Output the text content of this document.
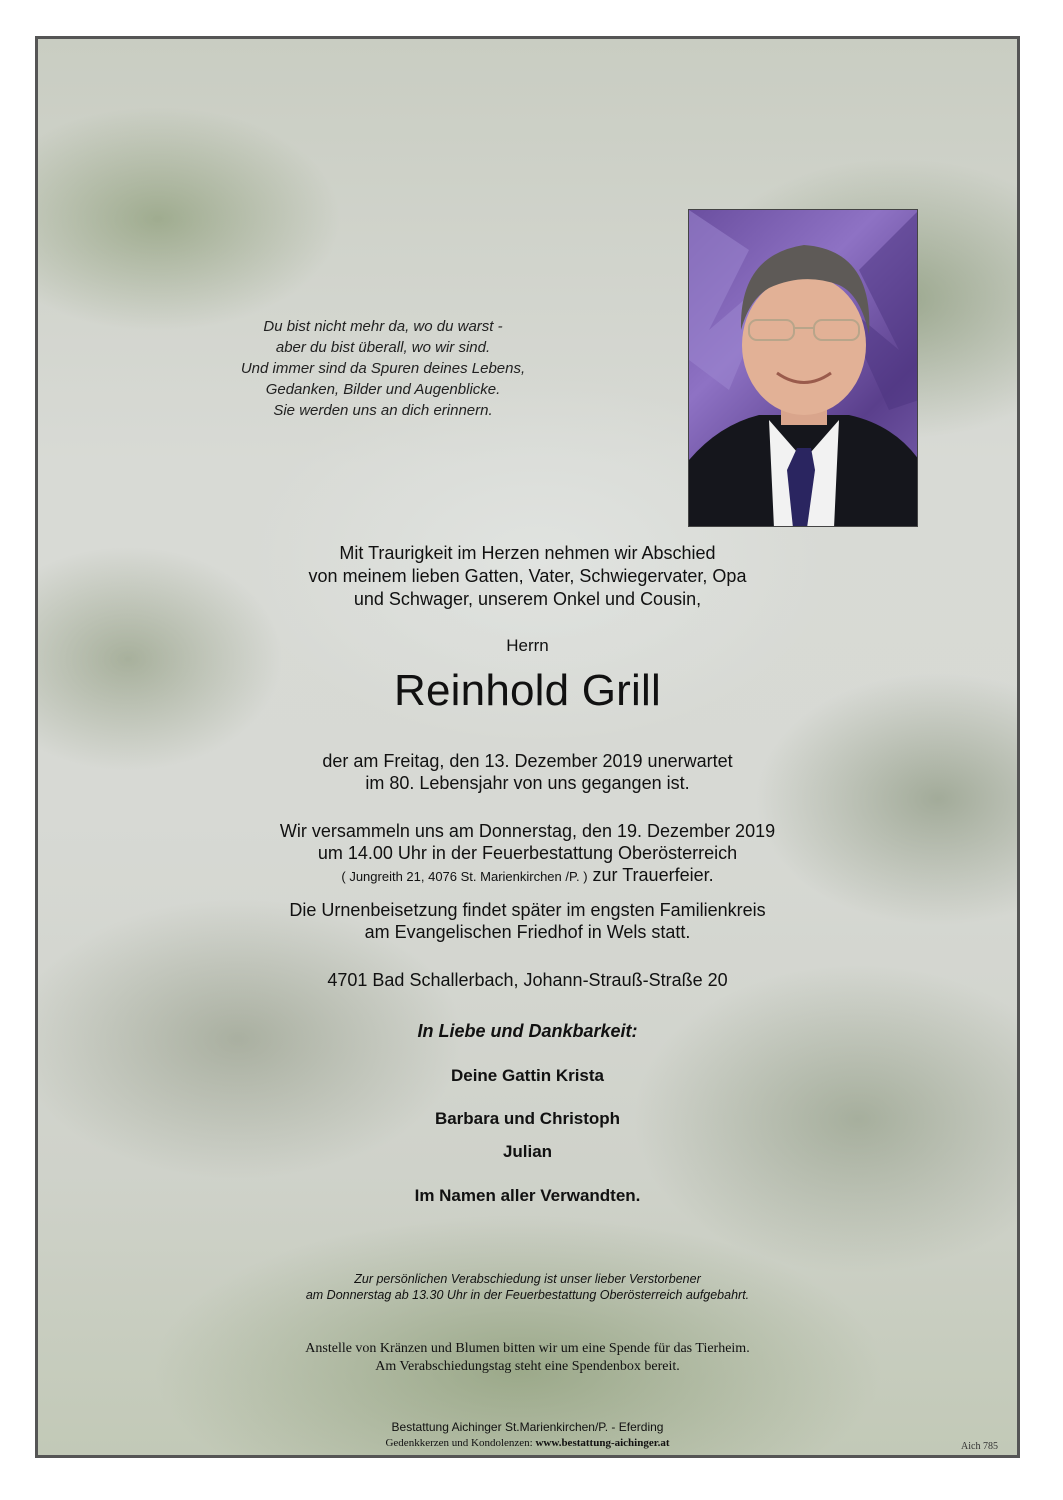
Du bist nicht mehr da, wo du warst -
aber du bist überall, wo wir sind.
Und immer sind da Spuren deines Lebens,
Gedanken, Bilder und Augenblicke.
Sie werden uns an dich erinnern.
Mit Traurigkeit im Herzen nehmen wir Abschied
von meinem lieben Gatten, Vater, Schwiegervater, Opa
und Schwager, unserem Onkel und Cousin,
Herrn
Reinhold Grill
der am Freitag, den 13. Dezember 2019 unerwartet
im 80. Lebensjahr von uns gegangen ist.
Wir versammeln uns am Donnerstag, den 19. Dezember 2019
um 14.00 Uhr in der Feuerbestattung Oberösterreich
( Jungreith 21, 4076 St. Marienkirchen /P. ) zur Trauerfeier.
Die Urnenbeisetzung findet später im engsten Familienkreis
am Evangelischen Friedhof in Wels statt.
4701 Bad Schallerbach, Johann-Strauß-Straße 20
In Liebe und Dankbarkeit:
Deine Gattin Krista
Barbara und Christoph
Julian
Im Namen aller Verwandten.
Zur persönlichen Verabschiedung ist unser lieber Verstorbener
am Donnerstag ab 13.30 Uhr in der Feuerbestattung Oberösterreich aufgebahrt.
Anstelle von Kränzen und Blumen bitten wir um eine Spende für das Tierheim.
Am Verabschiedungstag steht eine Spendenbox bereit.
Bestattung Aichinger St.Marienkirchen/P. - Eferding
Gedenkkerzen und Kondolenzen: www.bestattung-aichinger.at	Aich 785
